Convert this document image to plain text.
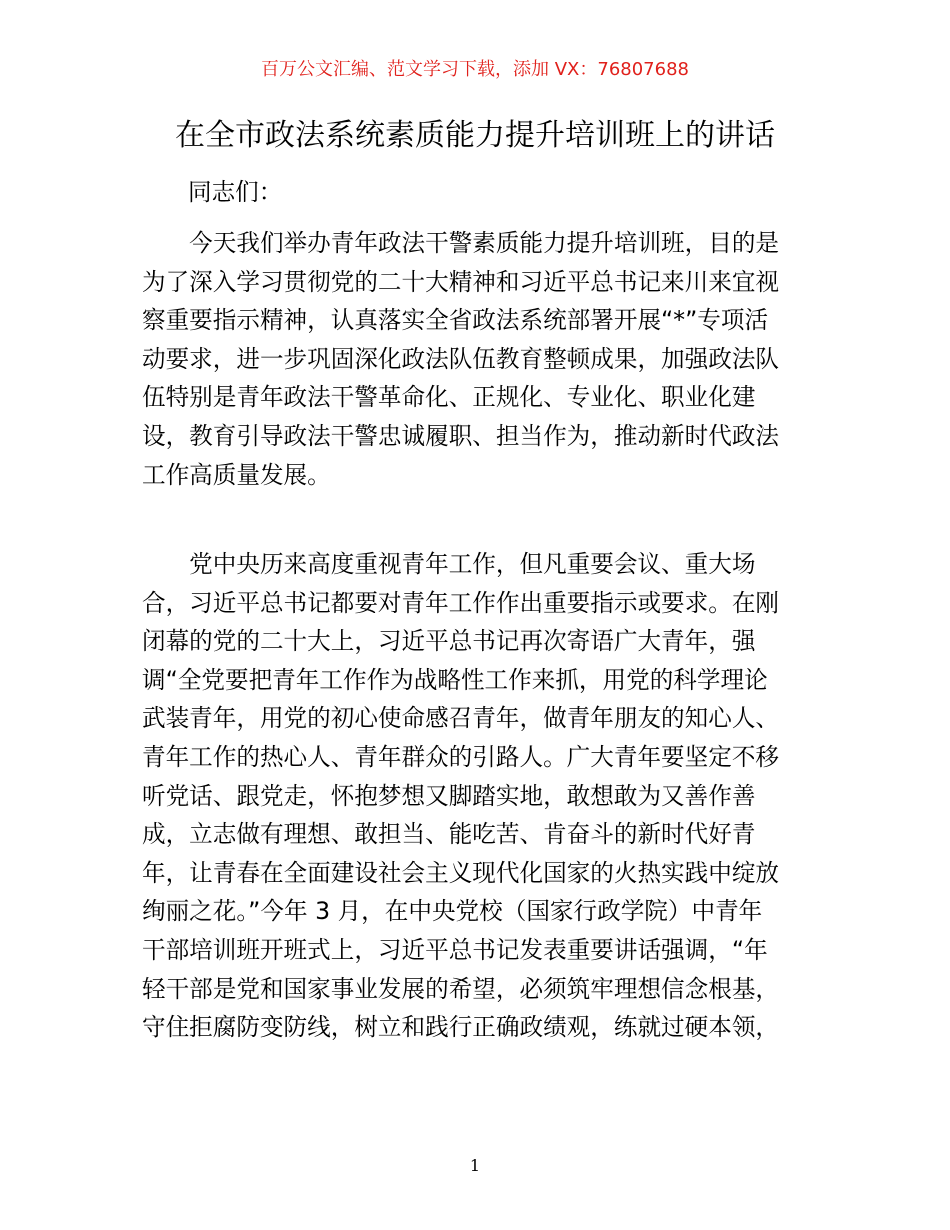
百万公文汇编、范文学习下载，添加 VX：76807688
在全市政法系统素质能力提升培训班上的讲话

同志们：

　　今天我们举办青年政法干警素质能力提升培训班，目的是
为了深入学习贯彻党的二十大精神和习近平总书记来川来宜视
察重要指示精神，认真落实全省政法系统部署开展“*”专项活
动要求，进一步巩固深化政法队伍教育整顿成果，加强政法队
伍特别是青年政法干警革命化、正规化、专业化、职业化建
设，教育引导政法干警忠诚履职、担当作为，推动新时代政法
工作高质量发展。
　　党中央历来高度重视青年工作，但凡重要会议、重大场
合，习近平总书记都要对青年工作作出重要指示或要求。在刚
闭幕的党的二十大上，习近平总书记再次寄语广大青年，强
调“全党要把青年工作作为战略性工作来抓，用党的科学理论
武装青年，用党的初心使命感召青年，做青年朋友的知心人、
青年工作的热心人、青年群众的引路人。广大青年要坚定不移
听党话、跟党走，怀抱梦想又脚踏实地，敢想敢为又善作善
成，立志做有理想、敢担当、能吃苦、肯奋斗的新时代好青
年，让青春在全面建设社会主义现代化国家的火热实践中绽放
绚丽之花。”今年 3 月，在中央党校（国家行政学院）中青年
干部培训班开班式上，习近平总书记发表重要讲话强调，“年
轻干部是党和国家事业发展的希望，必须筑牢理想信念根基，
守住拒腐防变防线，树立和践行正确政绩观，练就过硬本领，
1
